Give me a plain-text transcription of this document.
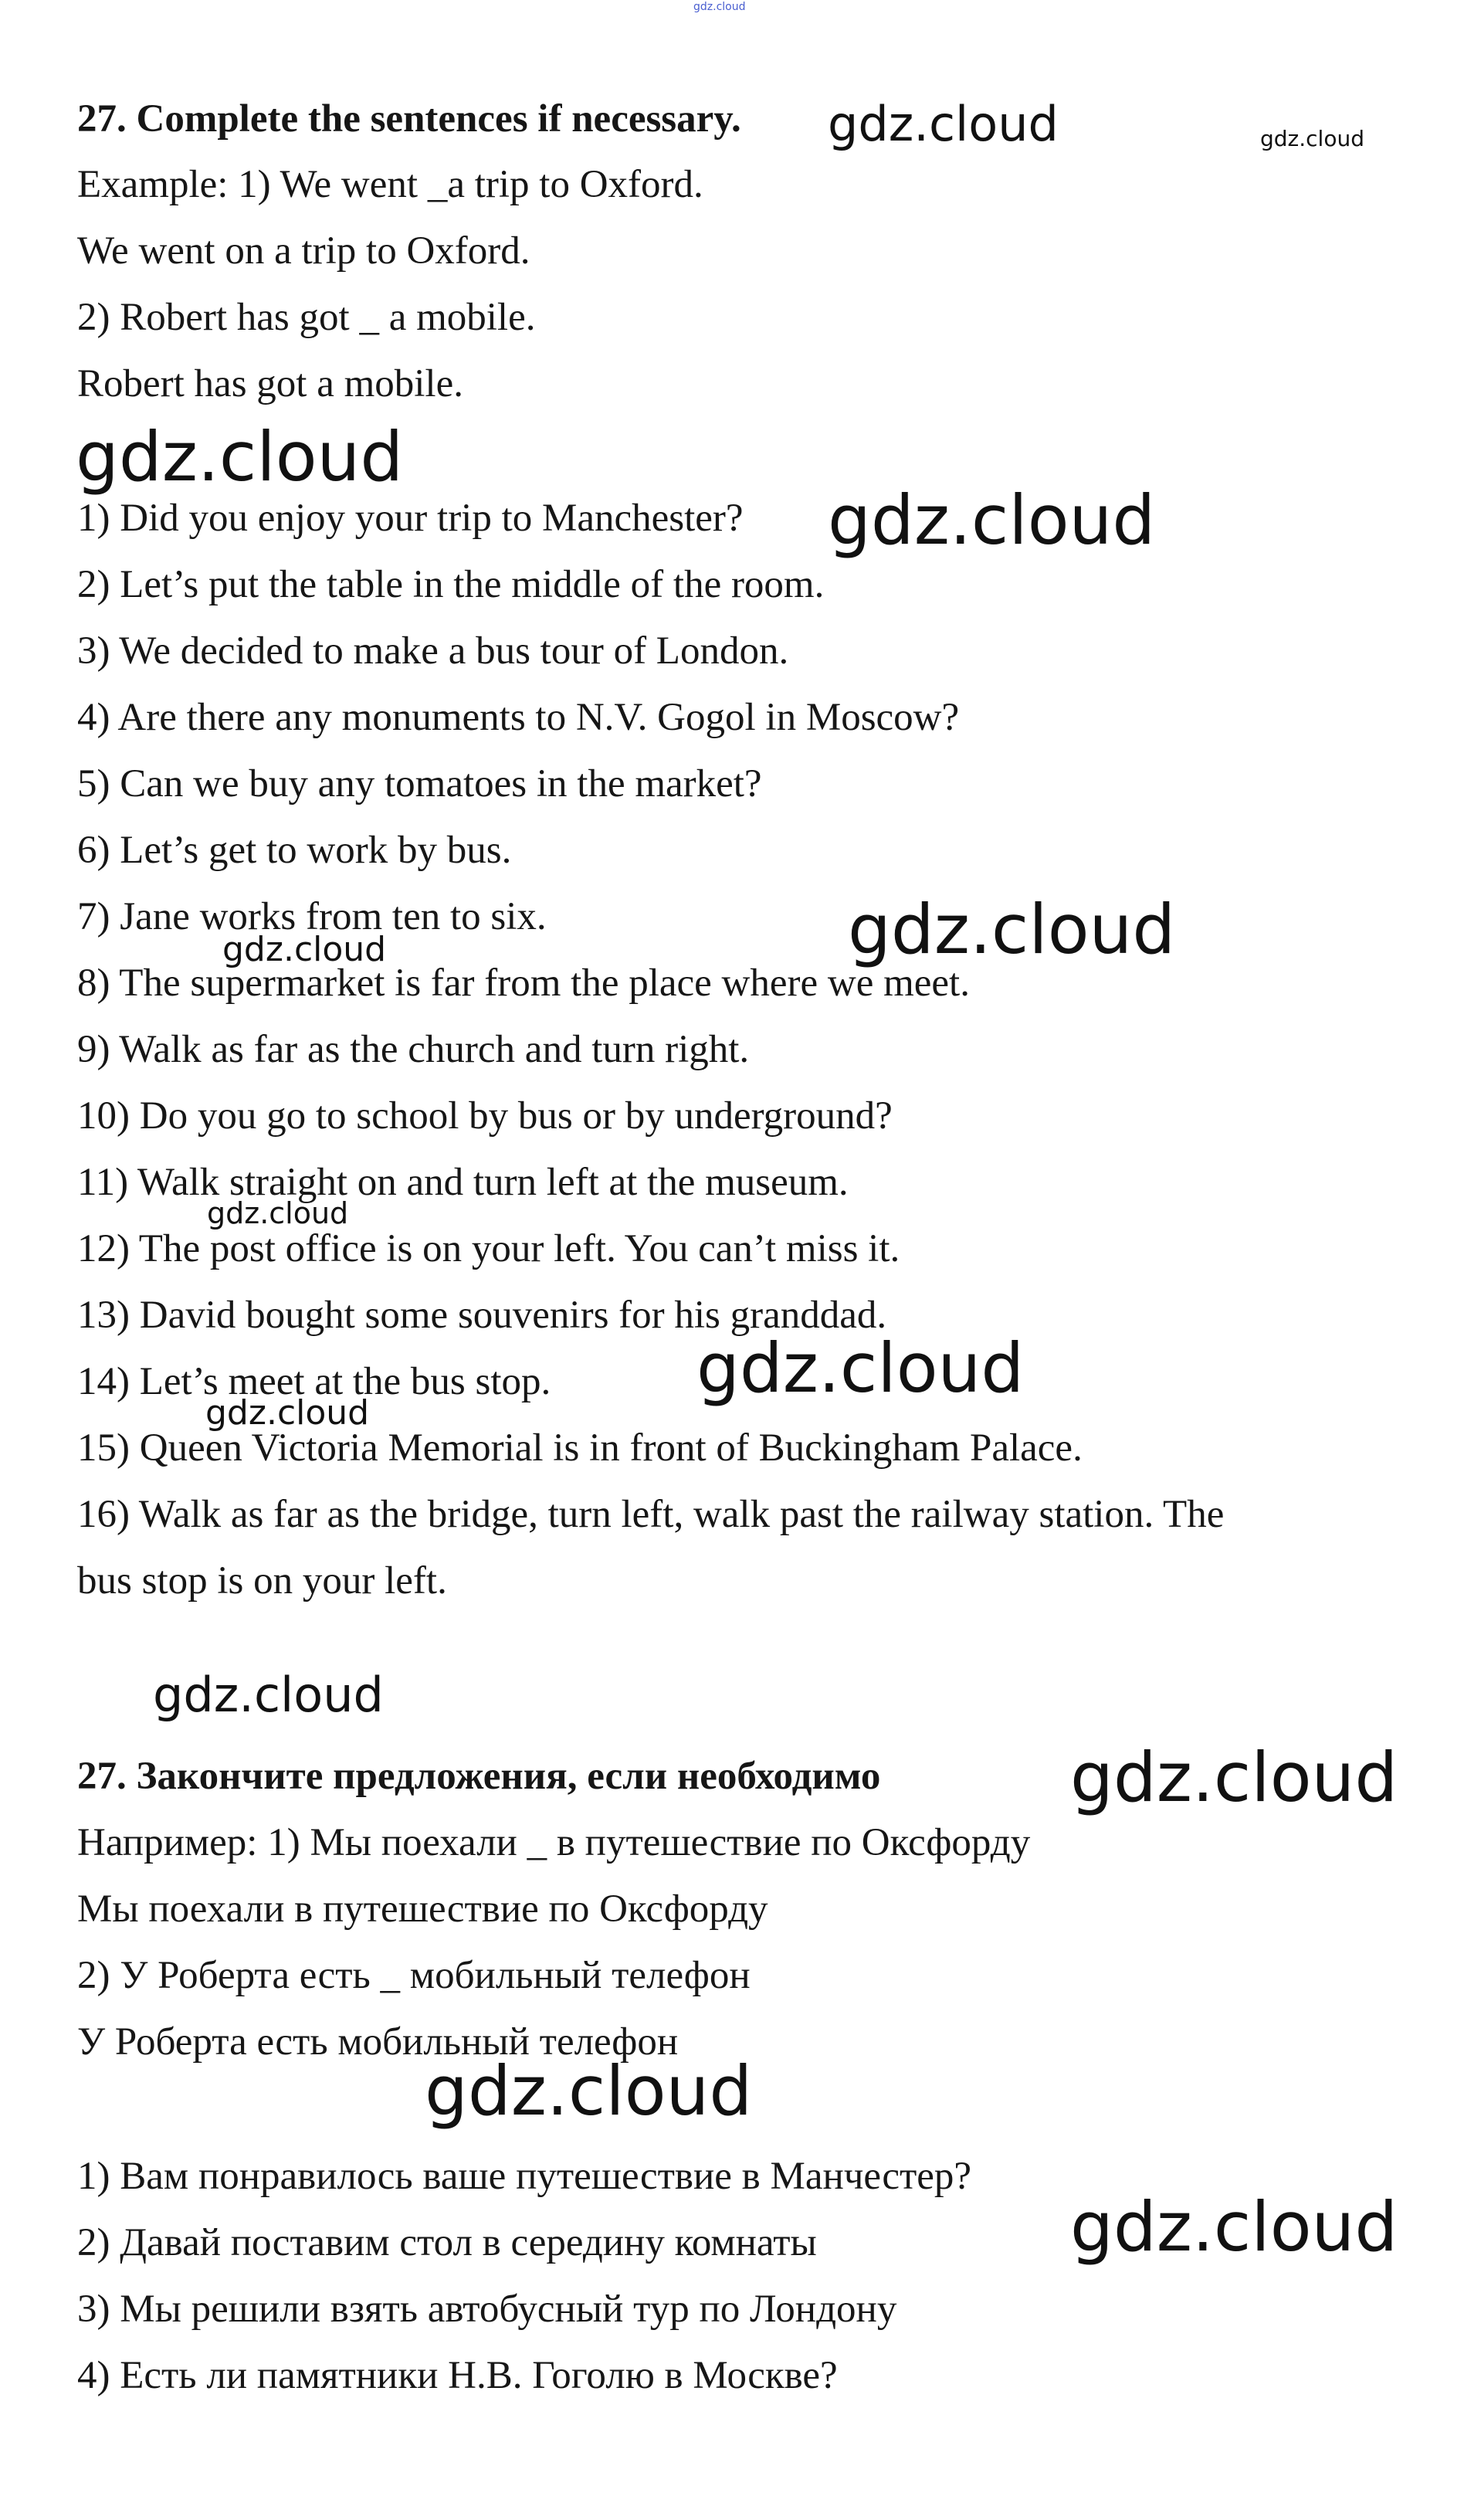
27. Complete the sentences if necessary.
Example: 1) We went _a trip to Oxford.
We went on a trip to Oxford.
2) Robert has got _ a mobile.
Robert has got a mobile.
1) Did you enjoy your trip to Manchester?
2) Let’s put the table in the middle of the room.
3) We decided to make a bus tour of London.
4) Are there any monuments to N.V. Gogol in Moscow?
5) Can we buy any tomatoes in the market?
6) Let’s get to work by bus.
7) Jane works from ten to six.
8) The supermarket is far from the place where we meet.
9) Walk as far as the church and turn right.
10) Do you go to school by bus or by underground?
11) Walk straight on and turn left at the museum.
12) The post office is on your left. You can’t miss it.
13) David bought some souvenirs for his granddad.
14) Let’s meet at the bus stop.
15) Queen Victoria Memorial is in front of Buckingham Palace.
16) Walk as far as the bridge, turn left, walk past the railway station. The
bus stop is on your left.
27. Закончите предложения, если необходимо
Например: 1) Мы поехали _ в путешествие по Оксфорду
Мы поехали в путешествие по Оксфорду
2) У Роберта есть _ мобильный телефон
У Роберта есть мобильный телефон
1) Вам понравилось ваше путешествие в Манчестер?
2) Давай поставим стол в середину комнаты
3) Мы решили взять автобусный тур по Лондону
4) Есть ли памятники Н.В. Гоголю в Москве?
gdz.cloud
gdz.cloud	gdz.cloud
gdz.cloud
gdz.cloud
gdz.cloud
gdz.cloud
gdz.cloud
gdz.cloud
gdz.cloud
gdz.cloud
gdz.cloud
gdz.cloud
gdz.cloud
